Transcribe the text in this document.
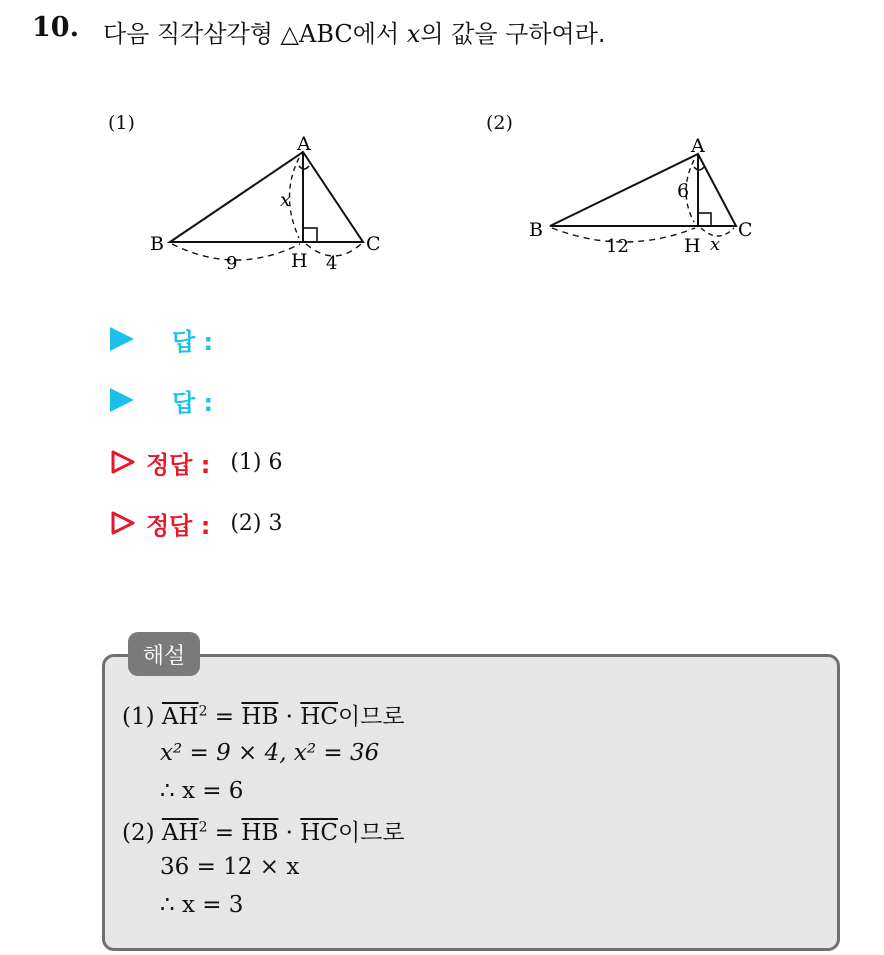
10. 다음 직각삼각형 △ABC에서 x의 값을 구하여라.
(1)	(2)
A
B	C
H
x
9	4
A
B	C
H
6
12	x
답 :
답 :
정답 : (1) 6
정답 : (2) 3
해설
(1) $\overline{AH}^2 = \overline{HB} \cdot \overline{HC}$이므로
x² = 9 × 4, x² = 36
∴ x = 6
(2) $\overline{AH}^2 = \overline{HB} \cdot \overline{HC}$이므로
36 = 12 × x
∴ x = 3
